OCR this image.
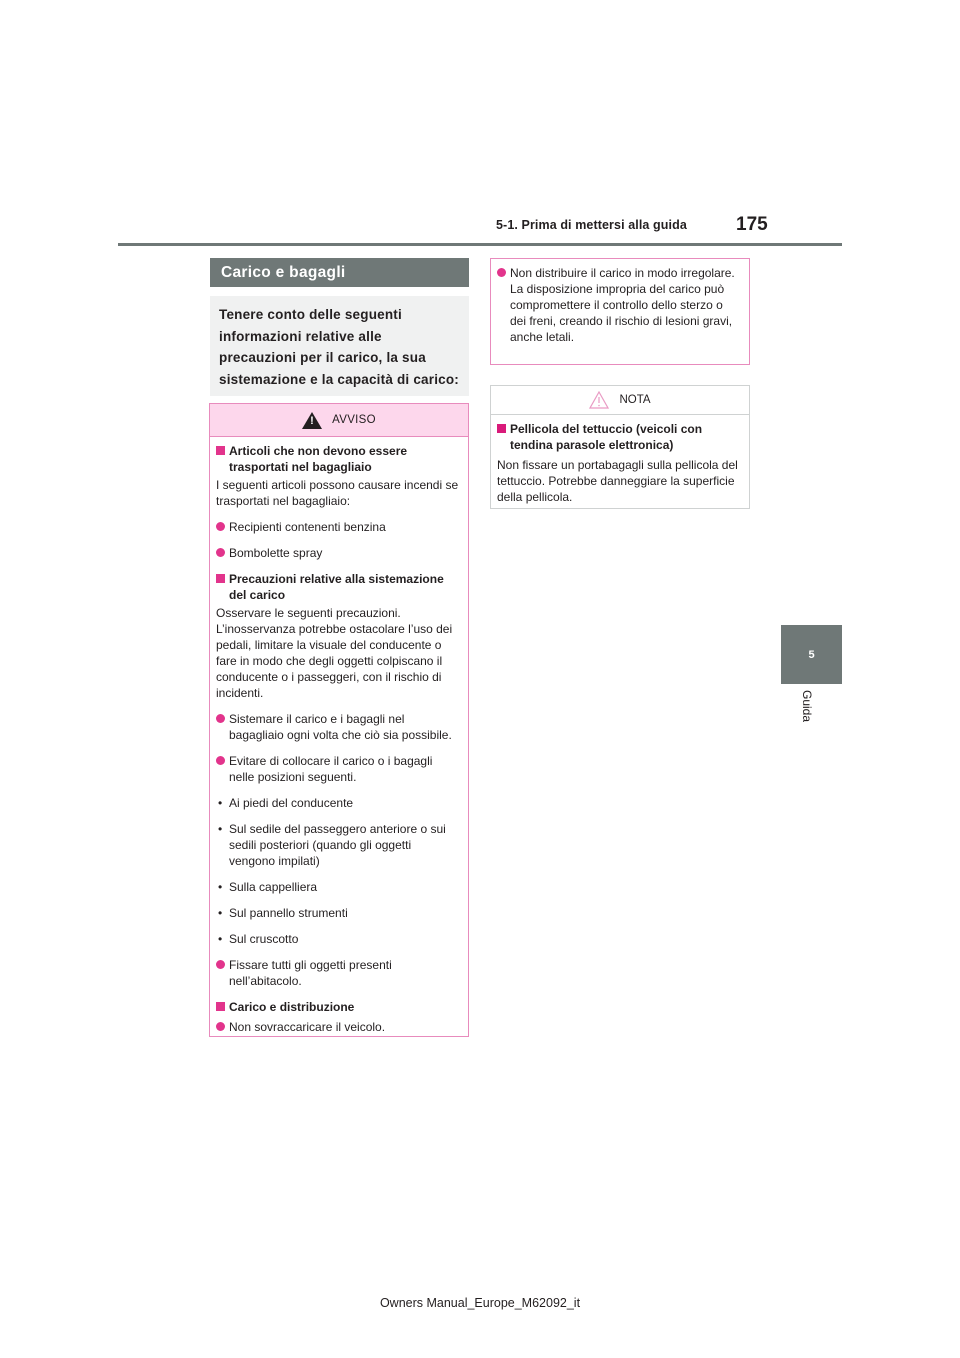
5-1. Prima di mettersi alla guida	175
5
Guida
Carico e bagagli
Tenere conto delle seguenti informazioni relative alle precauzioni per il carico, la sua sistemazione e la capacità di carico:
! AVVISO
Articoli che non devono essere trasportati nel bagagliaio
I seguenti articoli possono causare incendi se trasportati nel bagagliaio:
Recipienti contenenti benzina
Bombolette spray
Precauzioni relative alla sistemazione del carico
Osservare le seguenti precauzioni. L’inosservanza potrebbe ostacolare l’uso dei pedali, limitare la visuale del conducente o fare in modo che degli oggetti colpiscano il conducente o i passeggeri, con il rischio di incidenti.
Sistemare il carico e i bagagli nel bagagliaio ogni volta che ciò sia possibile.
Evitare di collocare il carico o i bagagli nelle posizioni seguenti.
• Ai piedi del conducente
• Sul sedile del passeggero anteriore o sui sedili posteriori (quando gli oggetti vengono impilati)
• Sulla cappelliera
• Sul pannello strumenti
• Sul cruscotto
Fissare tutti gli oggetti presenti nell’abitacolo.
Carico e distribuzione
Non sovraccaricare il veicolo.
Non distribuire il carico in modo irregolare.
La disposizione impropria del carico può compromettere il controllo dello sterzo o dei freni, creando il rischio di lesioni gravi, anche letali.
NOTA
Pellicola del tettuccio (veicoli con tendina parasole elettronica)
Non fissare un portabagagli sulla pellicola del tettuccio. Potrebbe danneggiare la superficie della pellicola.
Owners Manual_Europe_M62092_it
